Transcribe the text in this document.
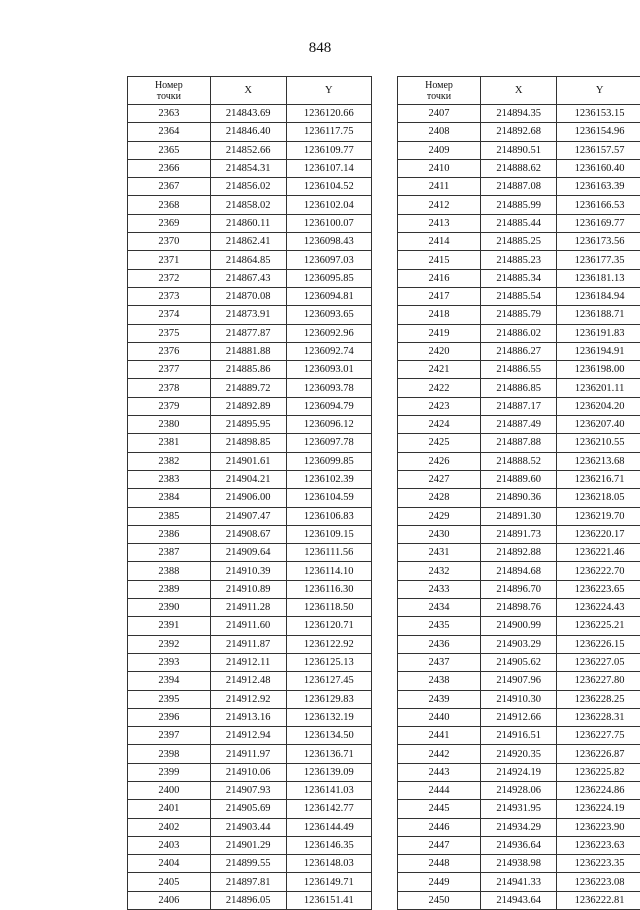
848
Номер
точки	X	Y
2363	214843.69	1236120.66
2364	214846.40	1236117.75
2365	214852.66	1236109.77
2366	214854.31	1236107.14
2367	214856.02	1236104.52
2368	214858.02	1236102.04
2369	214860.11	1236100.07
2370	214862.41	1236098.43
2371	214864.85	1236097.03
2372	214867.43	1236095.85
2373	214870.08	1236094.81
2374	214873.91	1236093.65
2375	214877.87	1236092.96
2376	214881.88	1236092.74
2377	214885.86	1236093.01
2378	214889.72	1236093.78
2379	214892.89	1236094.79
2380	214895.95	1236096.12
2381	214898.85	1236097.78
2382	214901.61	1236099.85
2383	214904.21	1236102.39
2384	214906.00	1236104.59
2385	214907.47	1236106.83
2386	214908.67	1236109.15
2387	214909.64	1236111.56
2388	214910.39	1236114.10
2389	214910.89	1236116.30
2390	214911.28	1236118.50
2391	214911.60	1236120.71
2392	214911.87	1236122.92
2393	214912.11	1236125.13
2394	214912.48	1236127.45
2395	214912.92	1236129.83
2396	214913.16	1236132.19
2397	214912.94	1236134.50
2398	214911.97	1236136.71
2399	214910.06	1236139.09
2400	214907.93	1236141.03
2401	214905.69	1236142.77
2402	214903.44	1236144.49
2403	214901.29	1236146.35
2404	214899.55	1236148.03
2405	214897.81	1236149.71
2406	214896.05	1236151.41
Номер
точки	X	Y
2407	214894.35	1236153.15
2408	214892.68	1236154.96
2409	214890.51	1236157.57
2410	214888.62	1236160.40
2411	214887.08	1236163.39
2412	214885.99	1236166.53
2413	214885.44	1236169.77
2414	214885.25	1236173.56
2415	214885.23	1236177.35
2416	214885.34	1236181.13
2417	214885.54	1236184.94
2418	214885.79	1236188.71
2419	214886.02	1236191.83
2420	214886.27	1236194.91
2421	214886.55	1236198.00
2422	214886.85	1236201.11
2423	214887.17	1236204.20
2424	214887.49	1236207.40
2425	214887.88	1236210.55
2426	214888.52	1236213.68
2427	214889.60	1236216.71
2428	214890.36	1236218.05
2429	214891.30	1236219.70
2430	214891.73	1236220.17
2431	214892.88	1236221.46
2432	214894.68	1236222.70
2433	214896.70	1236223.65
2434	214898.76	1236224.43
2435	214900.99	1236225.21
2436	214903.29	1236226.15
2437	214905.62	1236227.05
2438	214907.96	1236227.80
2439	214910.30	1236228.25
2440	214912.66	1236228.31
2441	214916.51	1236227.75
2442	214920.35	1236226.87
2443	214924.19	1236225.82
2444	214928.06	1236224.86
2445	214931.95	1236224.19
2446	214934.29	1236223.90
2447	214936.64	1236223.63
2448	214938.98	1236223.35
2449	214941.33	1236223.08
2450	214943.64	1236222.81
